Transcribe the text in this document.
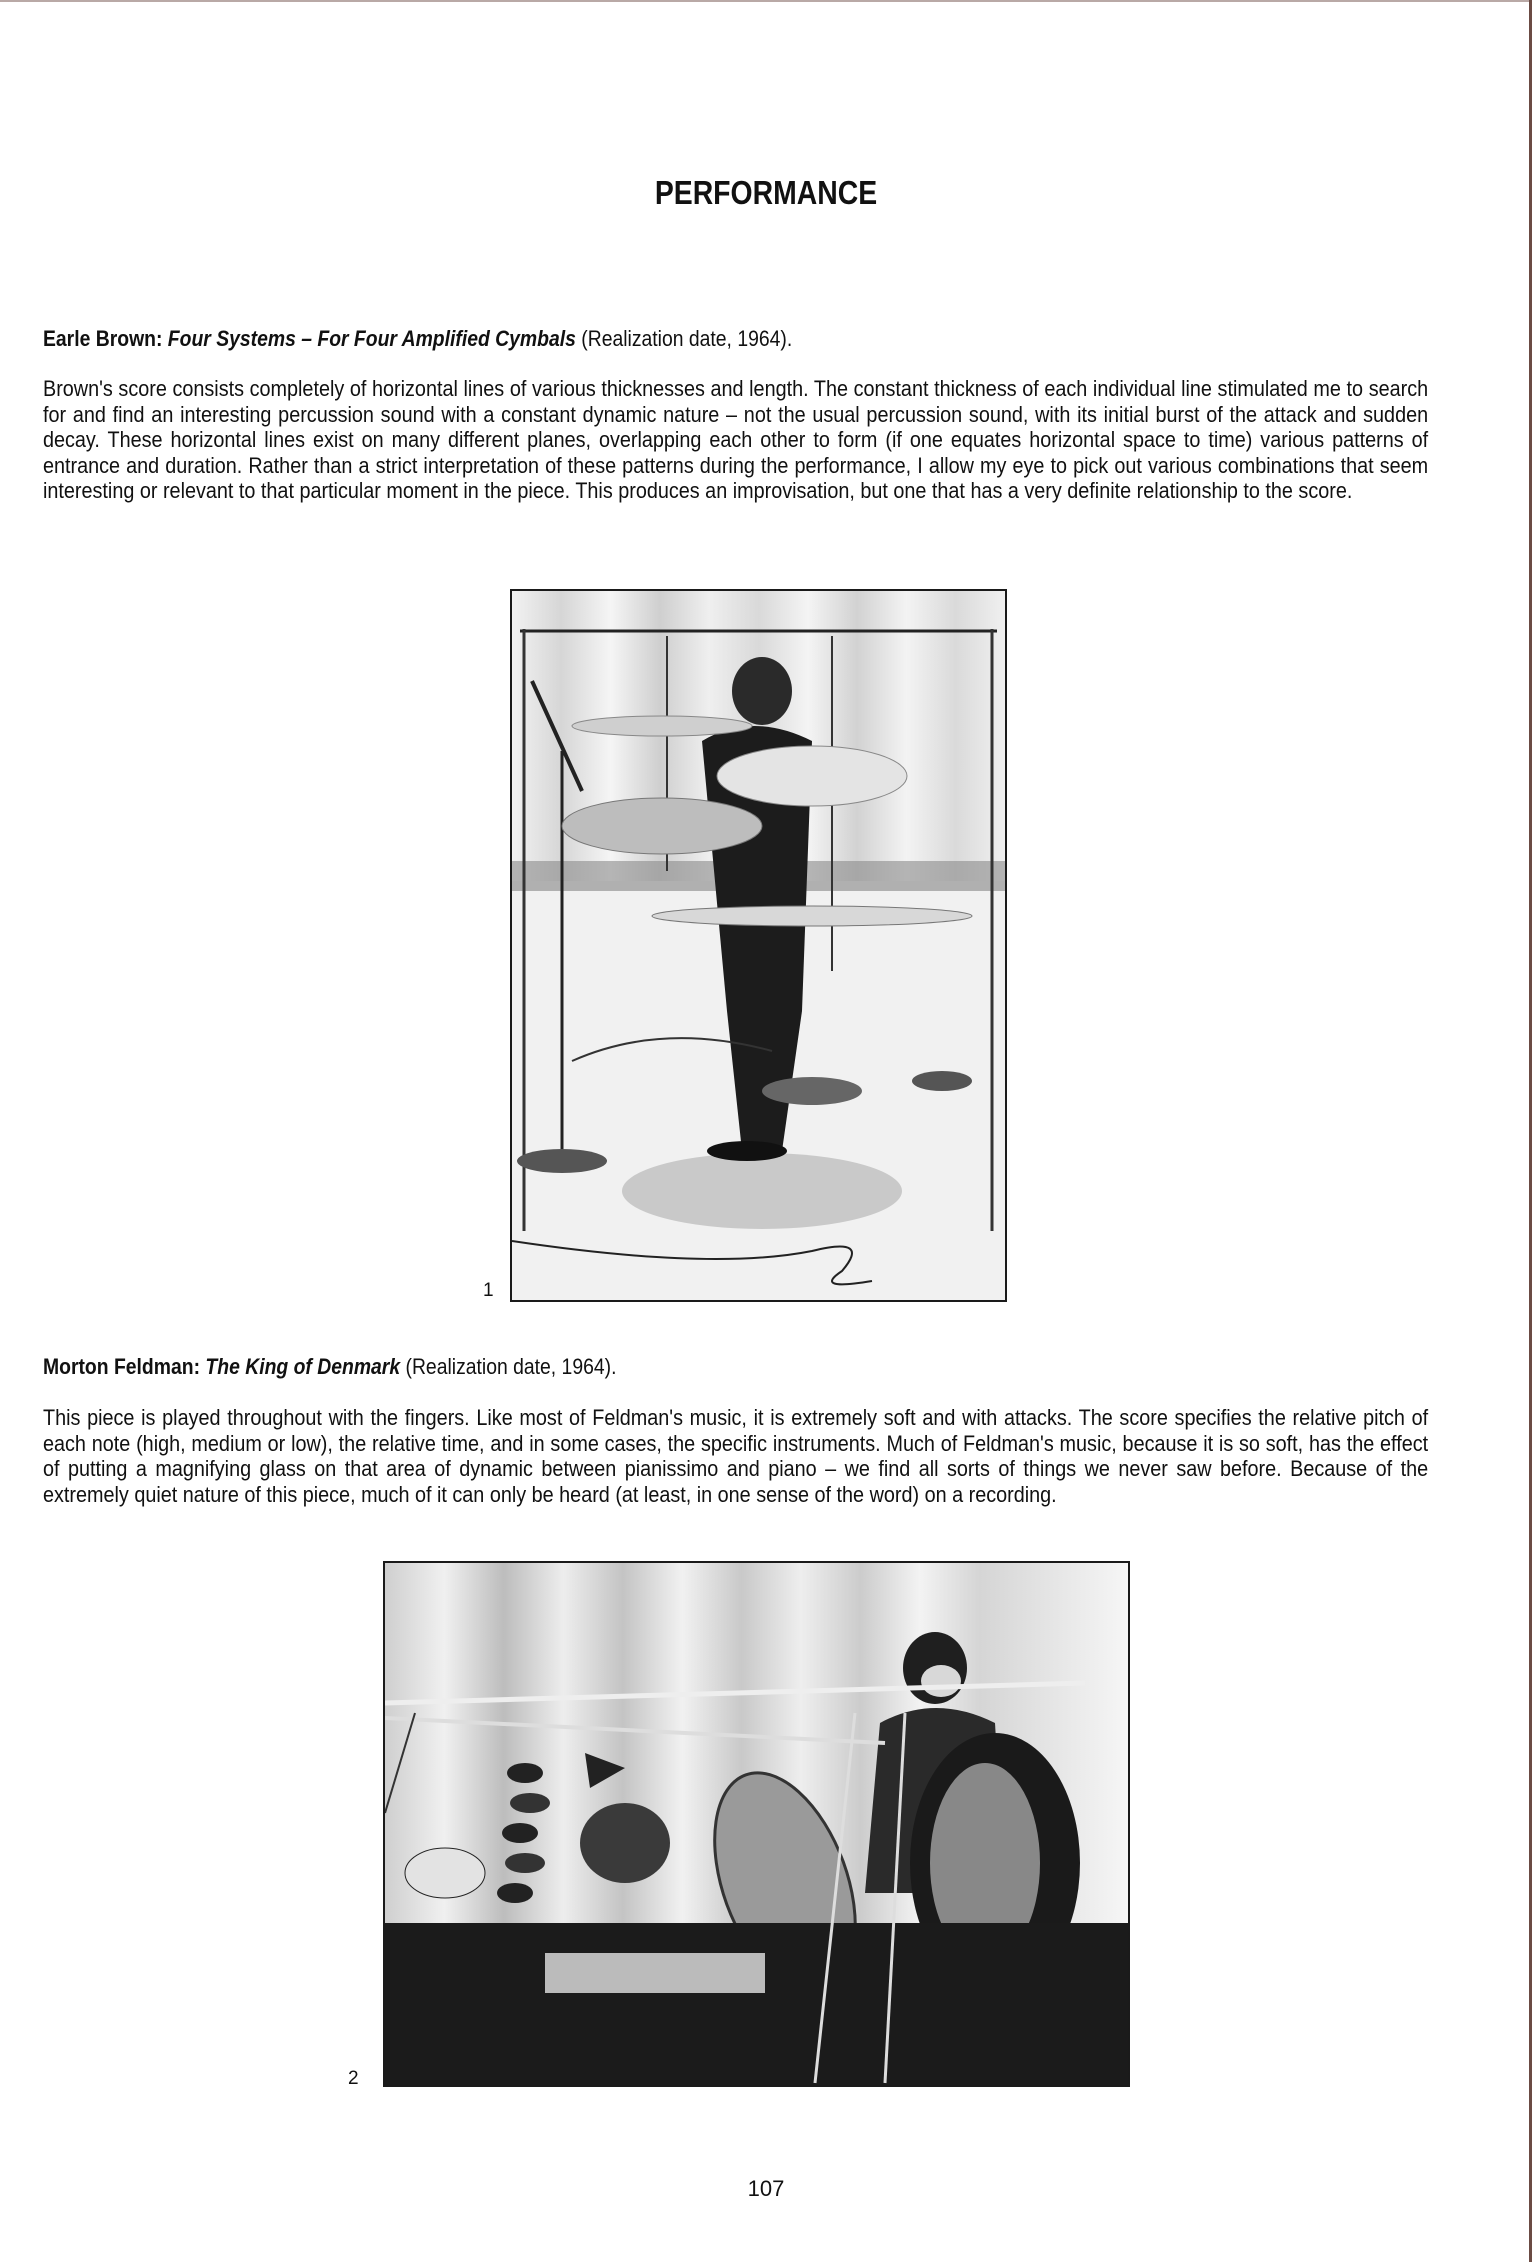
PERFORMANCE
Earle Brown: Four Systems – For Four Amplified Cymbals (Realization date, 1964).
Brown's score consists completely of horizontal lines of various thicknesses and length. The constant thickness of each individual line stimulated me to search for and find an interesting percussion sound with a constant dynamic nature – not the usual percussion sound, with its initial burst of the attack and sudden decay. These horizontal lines exist on many different planes, overlapping each other to form (if one equates horizontal space to time) various patterns of entrance and duration. Rather than a strict interpretation of these patterns during the performance, I allow my eye to pick out various combinations that seem interesting or relevant to that particular moment in the piece. This produces an improvisation, but one that has a very definite relationship to the score.
1
Morton Feldman: The King of Denmark (Realization date, 1964).
This piece is played throughout with the fingers. Like most of Feldman's music, it is extremely soft and with attacks. The score specifies the relative pitch of each note (high, medium or low), the relative time, and in some cases, the specific instruments. Much of Feldman's music, because it is so soft, has the effect of putting a magnifying glass on that area of dynamic between pianissimo and piano – we find all sorts of things we never saw before. Because of the extremely quiet nature of this piece, much of it can only be heard (at least, in one sense of the word) on a recording.
2
107
